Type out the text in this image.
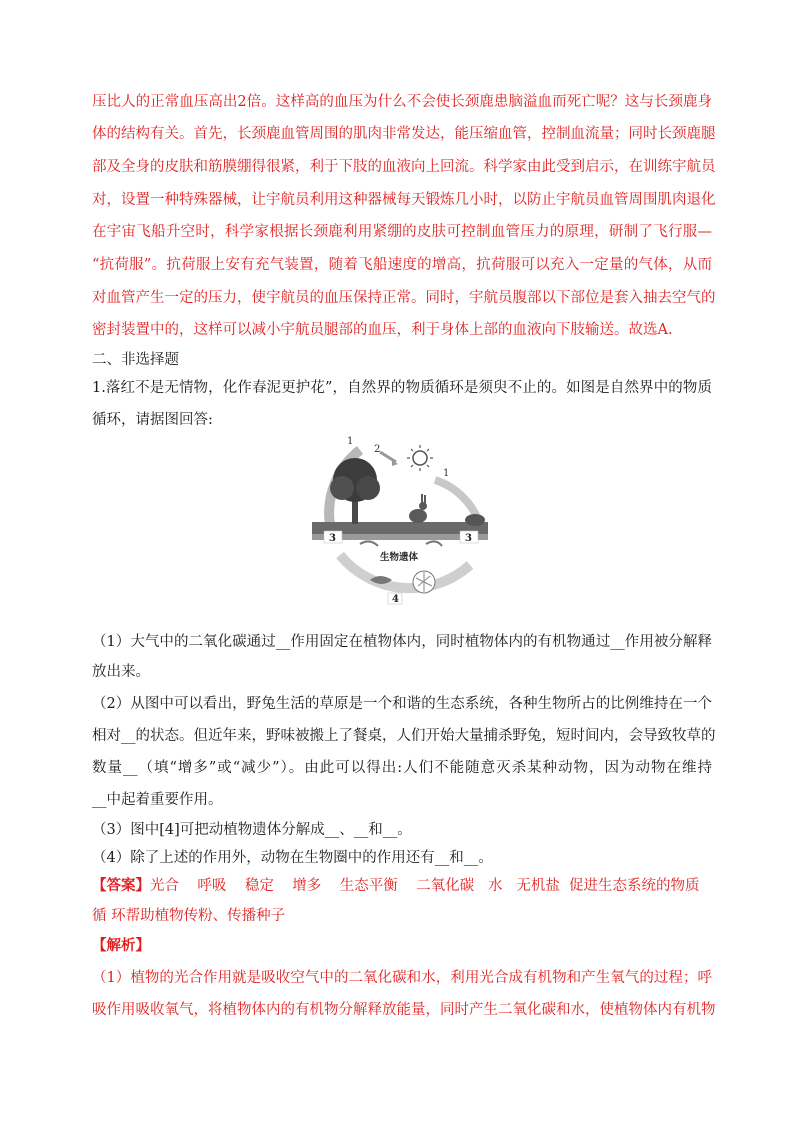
压比人的正常血压高出2倍。这样高的血压为什么不会使长颈鹿患脑溢血而死亡呢？这与长颈鹿身
体的结构有关。首先，长颈鹿血管周围的肌肉非常发达，能压缩血管，控制血流量；同时长颈鹿腿
部及全身的皮肤和筋膜绷得很紧，利于下肢的血液向上回流。科学家由此受到启示，在训练宇航员
对，设置一种特殊器械，让宇航员利用这种器械每天锻炼几小时，以防止宇航员血管周围肌肉退化
在宇宙飞船升空时，科学家根据长颈鹿利用紧绷的皮肤可控制血管压力的原理，研制了飞行服—
“抗荷服”。抗荷服上安有充气装置，随着飞船速度的增高，抗荷服可以充入一定量的气体，从而
对血管产生一定的压力，使宇航员的血压保持正常。同时，宇航员腹部以下部位是套入抽去空气的
密封装置中的，这样可以减小宇航员腿部的血压，利于身体上部的血液向下肢输送。故选A.
二、非选择题
1.落红不是无情物，化作春泥更护花”，自然界的物质循环是须臾不止的。如图是自然界中的物质
循环，请据图回答:
1
2
1
3	3
4
生物遗体
（1）大气中的二氧化碳通过__作用固定在植物体内，同时植物体内的有机物通过__作用被分解释
放出来。
（2）从图中可以看出，野兔生活的草原是一个和谐的生态系统，各种生物所占的比例维持在一个
相对__的状态。但近年来，野味被搬上了餐桌，人们开始大量捕杀野兔，短时间内，会导致牧草的
数量__（填“增多”或“减少”）。由此可以得出:人们不能随意灭杀某种动物，因为动物在维持
__中起着重要作用。
（3）图中[4]可把动植物遗体分解成__、__和__。
（4）除了上述的作用外，动物在生物圈中的作用还有__和__。
【答案】光合    呼吸    稳定    增多    生态平衡    二氧化碳   水   无机盐  促进生态系统的物质
循 环帮助植物传粉、传播种子
【解析】
（1）植物的光合作用就是吸收空气中的二氧化碳和水，利用光合成有机物和产生氧气的过程；呼
吸作用吸收氧气，将植物体内的有机物分解释放能量，同时产生二氧化碳和水，使植物体内有机物
